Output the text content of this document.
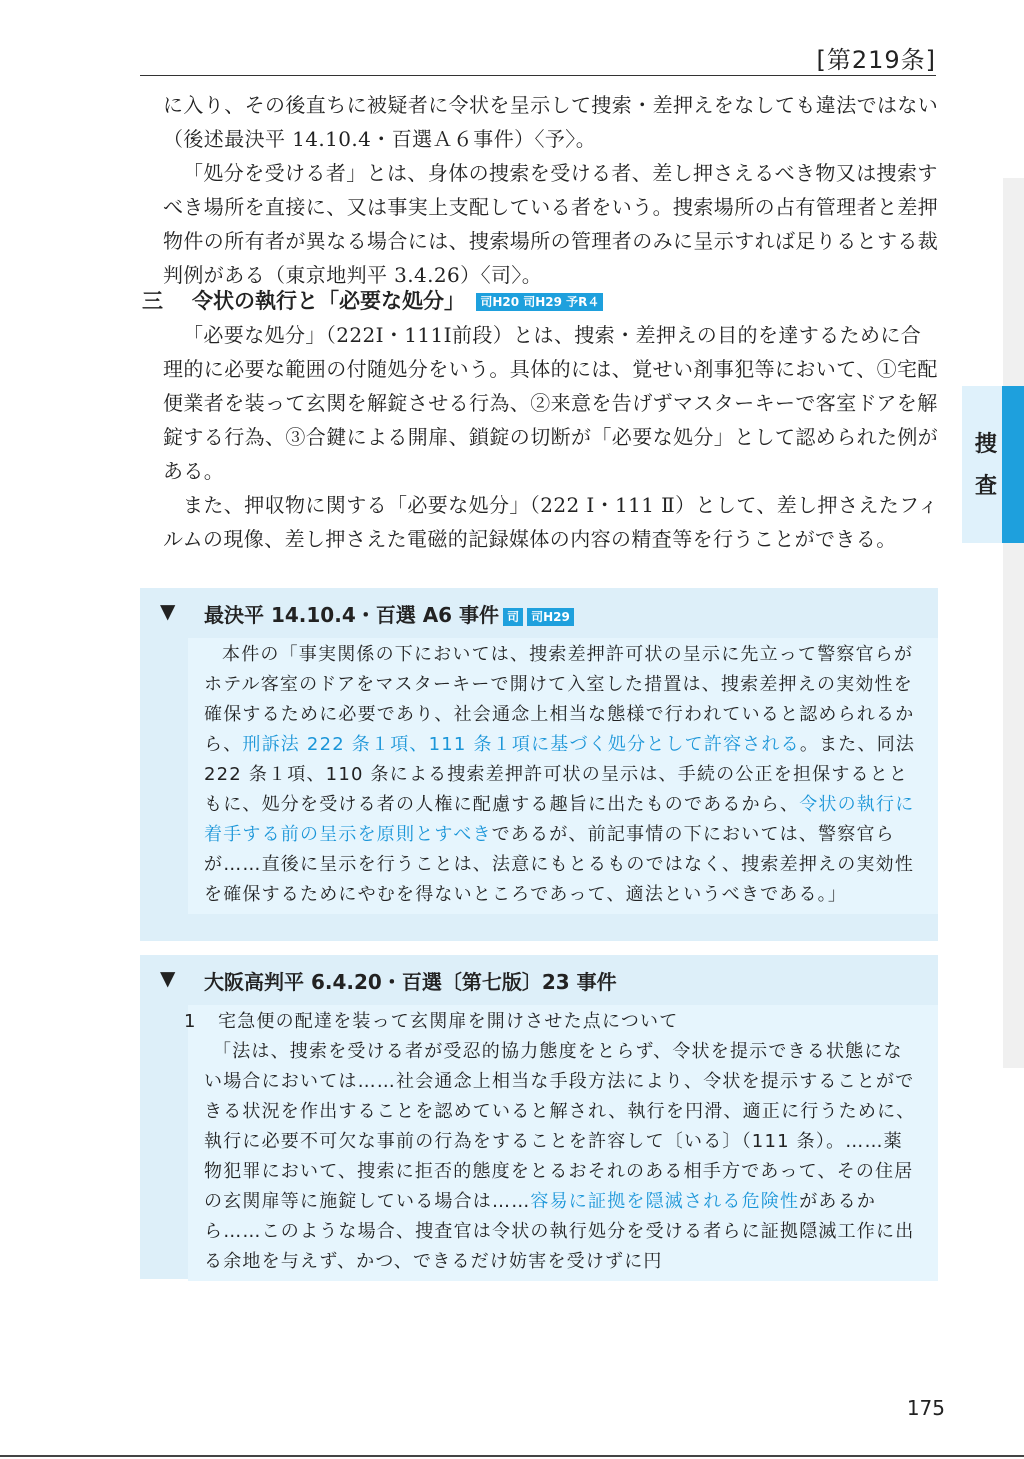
[第219条]
捜査

に入り、その後直ちに被疑者に令状を呈示して捜索・差押えをなしても違法ではない（後述最決平 14.10.4・百選Ａ６事件）〈予〉。

「処分を受ける者」とは、身体の捜索を受ける者、差し押さえるべき物又は捜索すべき場所を直接に、又は事実上支配している者をいう。捜索場所の占有管理者と差押物件の所有者が異なる場合には、捜索場所の管理者のみに呈示すれば足りるとする裁判例がある（東京地判平 3.4.26）〈司〉。

三 令状の執行と「必要な処分」 司H20 司H29 予R４

「必要な処分」（222Ⅰ・111Ⅰ前段）とは、捜索・差押えの目的を達するために合理的に必要な範囲の付随処分をいう。具体的には、覚せい剤事犯等において、①宅配便業者を装って玄関を解錠させる行為、②来意を告げずマスターキーで客室ドアを解錠する行為、③合鍵による開扉、鎖錠の切断が「必要な処分」として認められた例がある。

また、押収物に関する「必要な処分」（222 Ⅰ・111 Ⅱ）として、差し押さえたフィルムの現像、差し押さえた電磁的記録媒体の内容の精査等を行うことができる。

▼ 最決平 14.10.4・百選 A6 事件 司 司H29

本件の「事実関係の下においては、捜索差押許可状の呈示に先立って警察官らがホテル客室のドアをマスターキーで開けて入室した措置は、捜索差押えの実効性を確保するために必要であり、社会通念上相当な態様で行われていると認められるから、刑訴法 222 条１項、111 条１項に基づく処分として許容される。また、同法 222 条１項、110 条による捜索差押許可状の呈示は、手続の公正を担保するとともに、処分を受ける者の人権に配慮する趣旨に出たものであるから、令状の執行に着手する前の呈示を原則とすべきであるが、前記事情の下においては、警察官らが……直後に呈示を行うことは、法意にもとるものではなく、捜索差押えの実効性を確保するためにやむを得ないところであって、適法というべきである。」

▼ 大阪高判平 6.4.20・百選〔第七版〕23 事件

1 宅急便の配達を装って玄関扉を開けさせた点について

「法は、捜索を受ける者が受忍的協力態度をとらず、令状を提示できる状態にない場合においては……社会通念上相当な手段方法により、令状を提示することができる状況を作出することを認めていると解され、執行を円滑、適正に行うために、執行に必要不可欠な事前の行為をすることを許容して〔いる〕（111 条）。……薬物犯罪において、捜索に拒否的態度をとるおそれのある相手方であって、その住居の玄関扉等に施錠している場合は……容易に証拠を隠滅される危険性があるから……このような場合、捜査官は令状の執行処分を受ける者らに証拠隠滅工作に出る余地を与えず、かつ、できるだけ妨害を受けずに円

175
